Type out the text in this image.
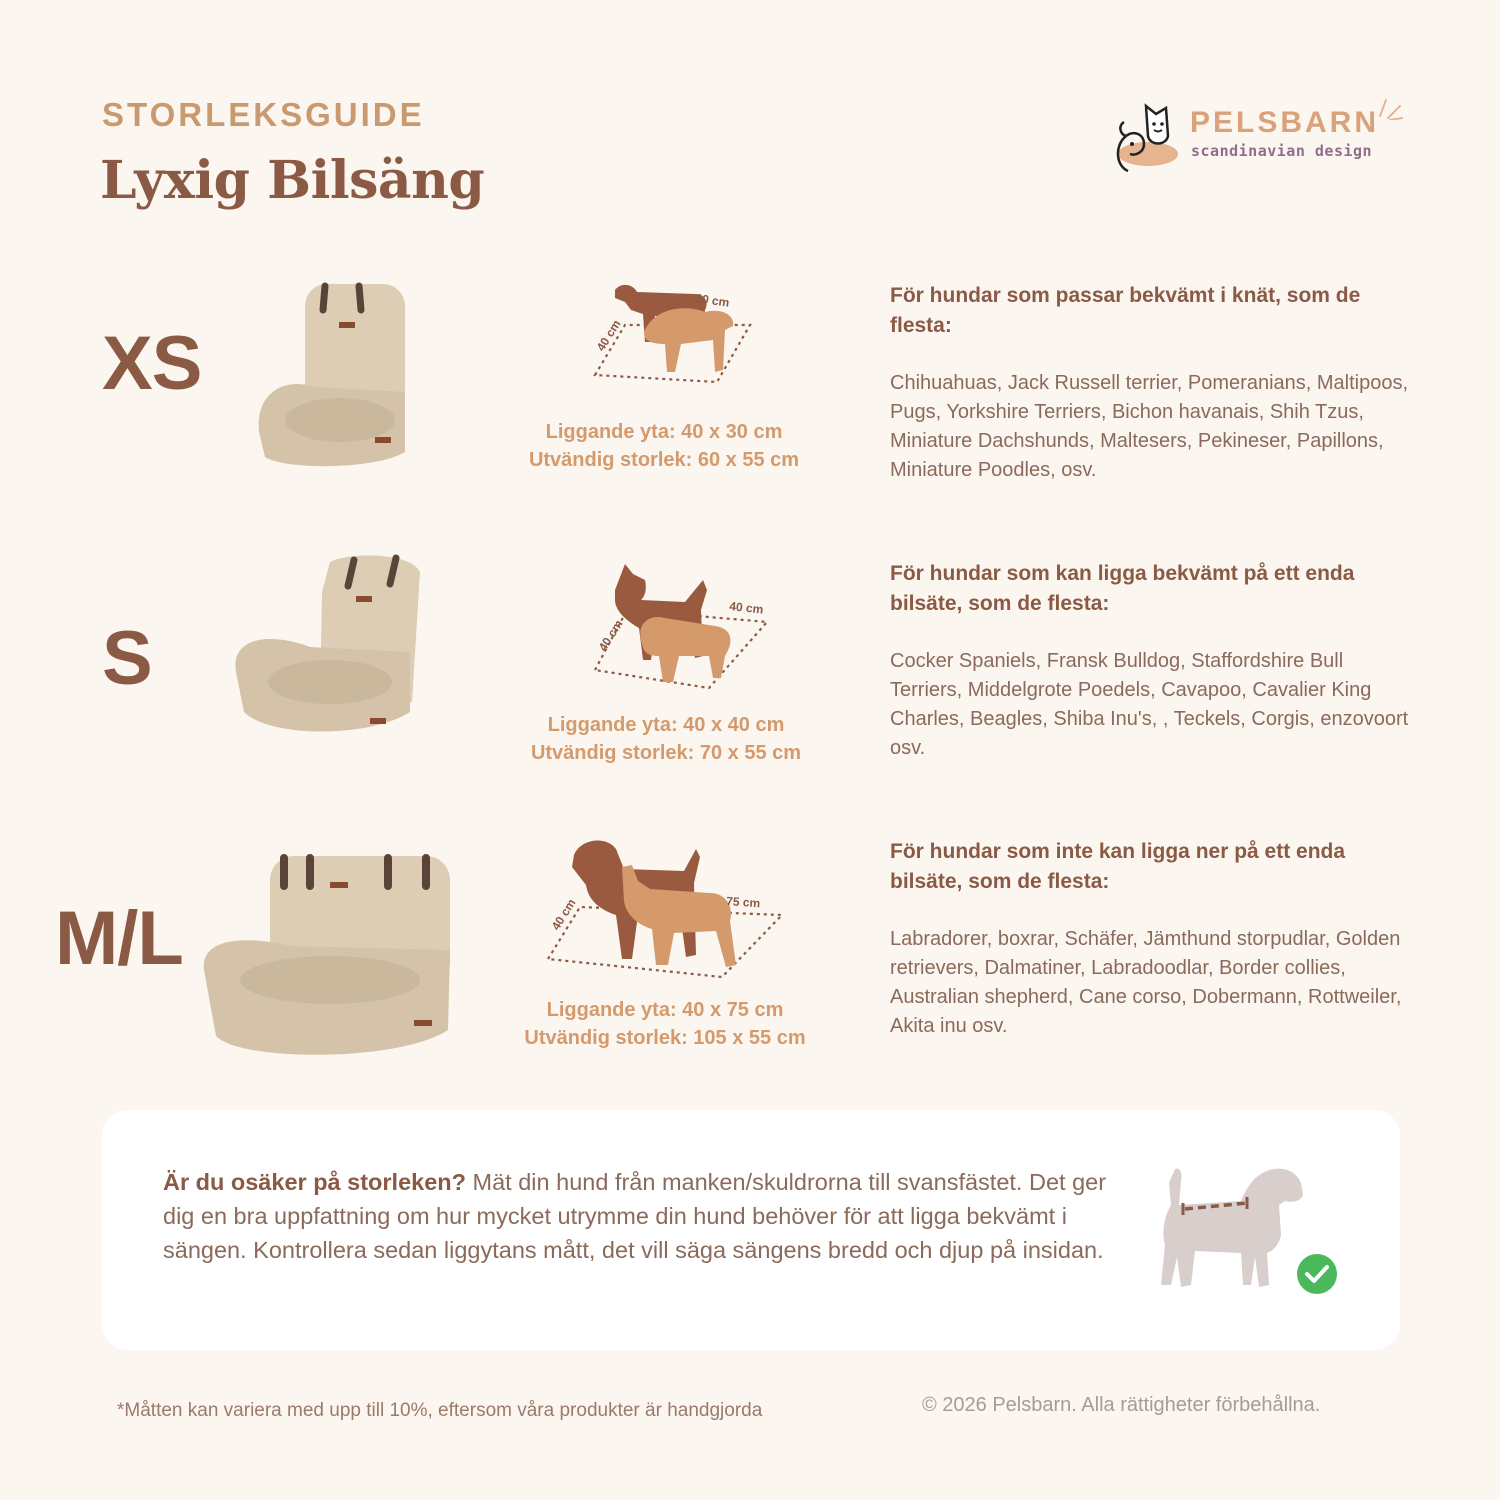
STORLEKSGUIDE
Lyxig Bilsäng
PELSBARN
scandinavian design
XS	40 cm
30 cm
Liggande yta: 40 x 30 cm
Utvändig storlek: 60 x 55 cm
För hundar som passar bekvämt i knät, som de flesta:
Chihuahuas, Jack Russell terrier, Pomeranians, Maltipoos, Pugs, Yorkshire Terriers, Bichon havanais, Shih Tzus, Miniature Dachshunds, Maltesers, Pekineser, Papillons, Miniature Poodles, osv.
S	40 cm
40 cm
Liggande yta: 40 x 40 cm
Utvändig storlek: 70 x 55 cm
För hundar som kan ligga bekvämt på ett enda bilsäte, som de flesta:
Cocker Spaniels, Fransk Bulldog, Staffordshire Bull Terriers, Middelgrote Poedels, Cavapoo, Cavalier King Charles, Beagles, Shiba Inu's, , Teckels, Corgis, enzovoort osv.
M/L	40 cm	75 cm
Liggande yta: 40 x 75 cm
Utvändig storlek: 105 x 55 cm
För hundar som inte kan ligga ner på ett enda bilsäte, som de flesta:
Labradorer, boxrar, Schäfer, Jämthund storpudlar, Golden retrievers, Dalmatiner, Labradoodlar, Border collies, Australian shepherd, Cane corso, Dobermann, Rottweiler, Akita inu osv.
Är du osäker på storleken? Mät din hund från manken/skuldrorna till svansfästet. Det ger dig en bra uppfattning om hur mycket utrymme din hund behöver för att ligga bekvämt i sängen. Kontrollera sedan liggytans mått, det vill säga sängens bredd och djup på insidan.
*Måtten kan variera med upp till 10%, eftersom våra produkter är handgjorda	© 2026 Pelsbarn. Alla rättigheter förbehållna.
